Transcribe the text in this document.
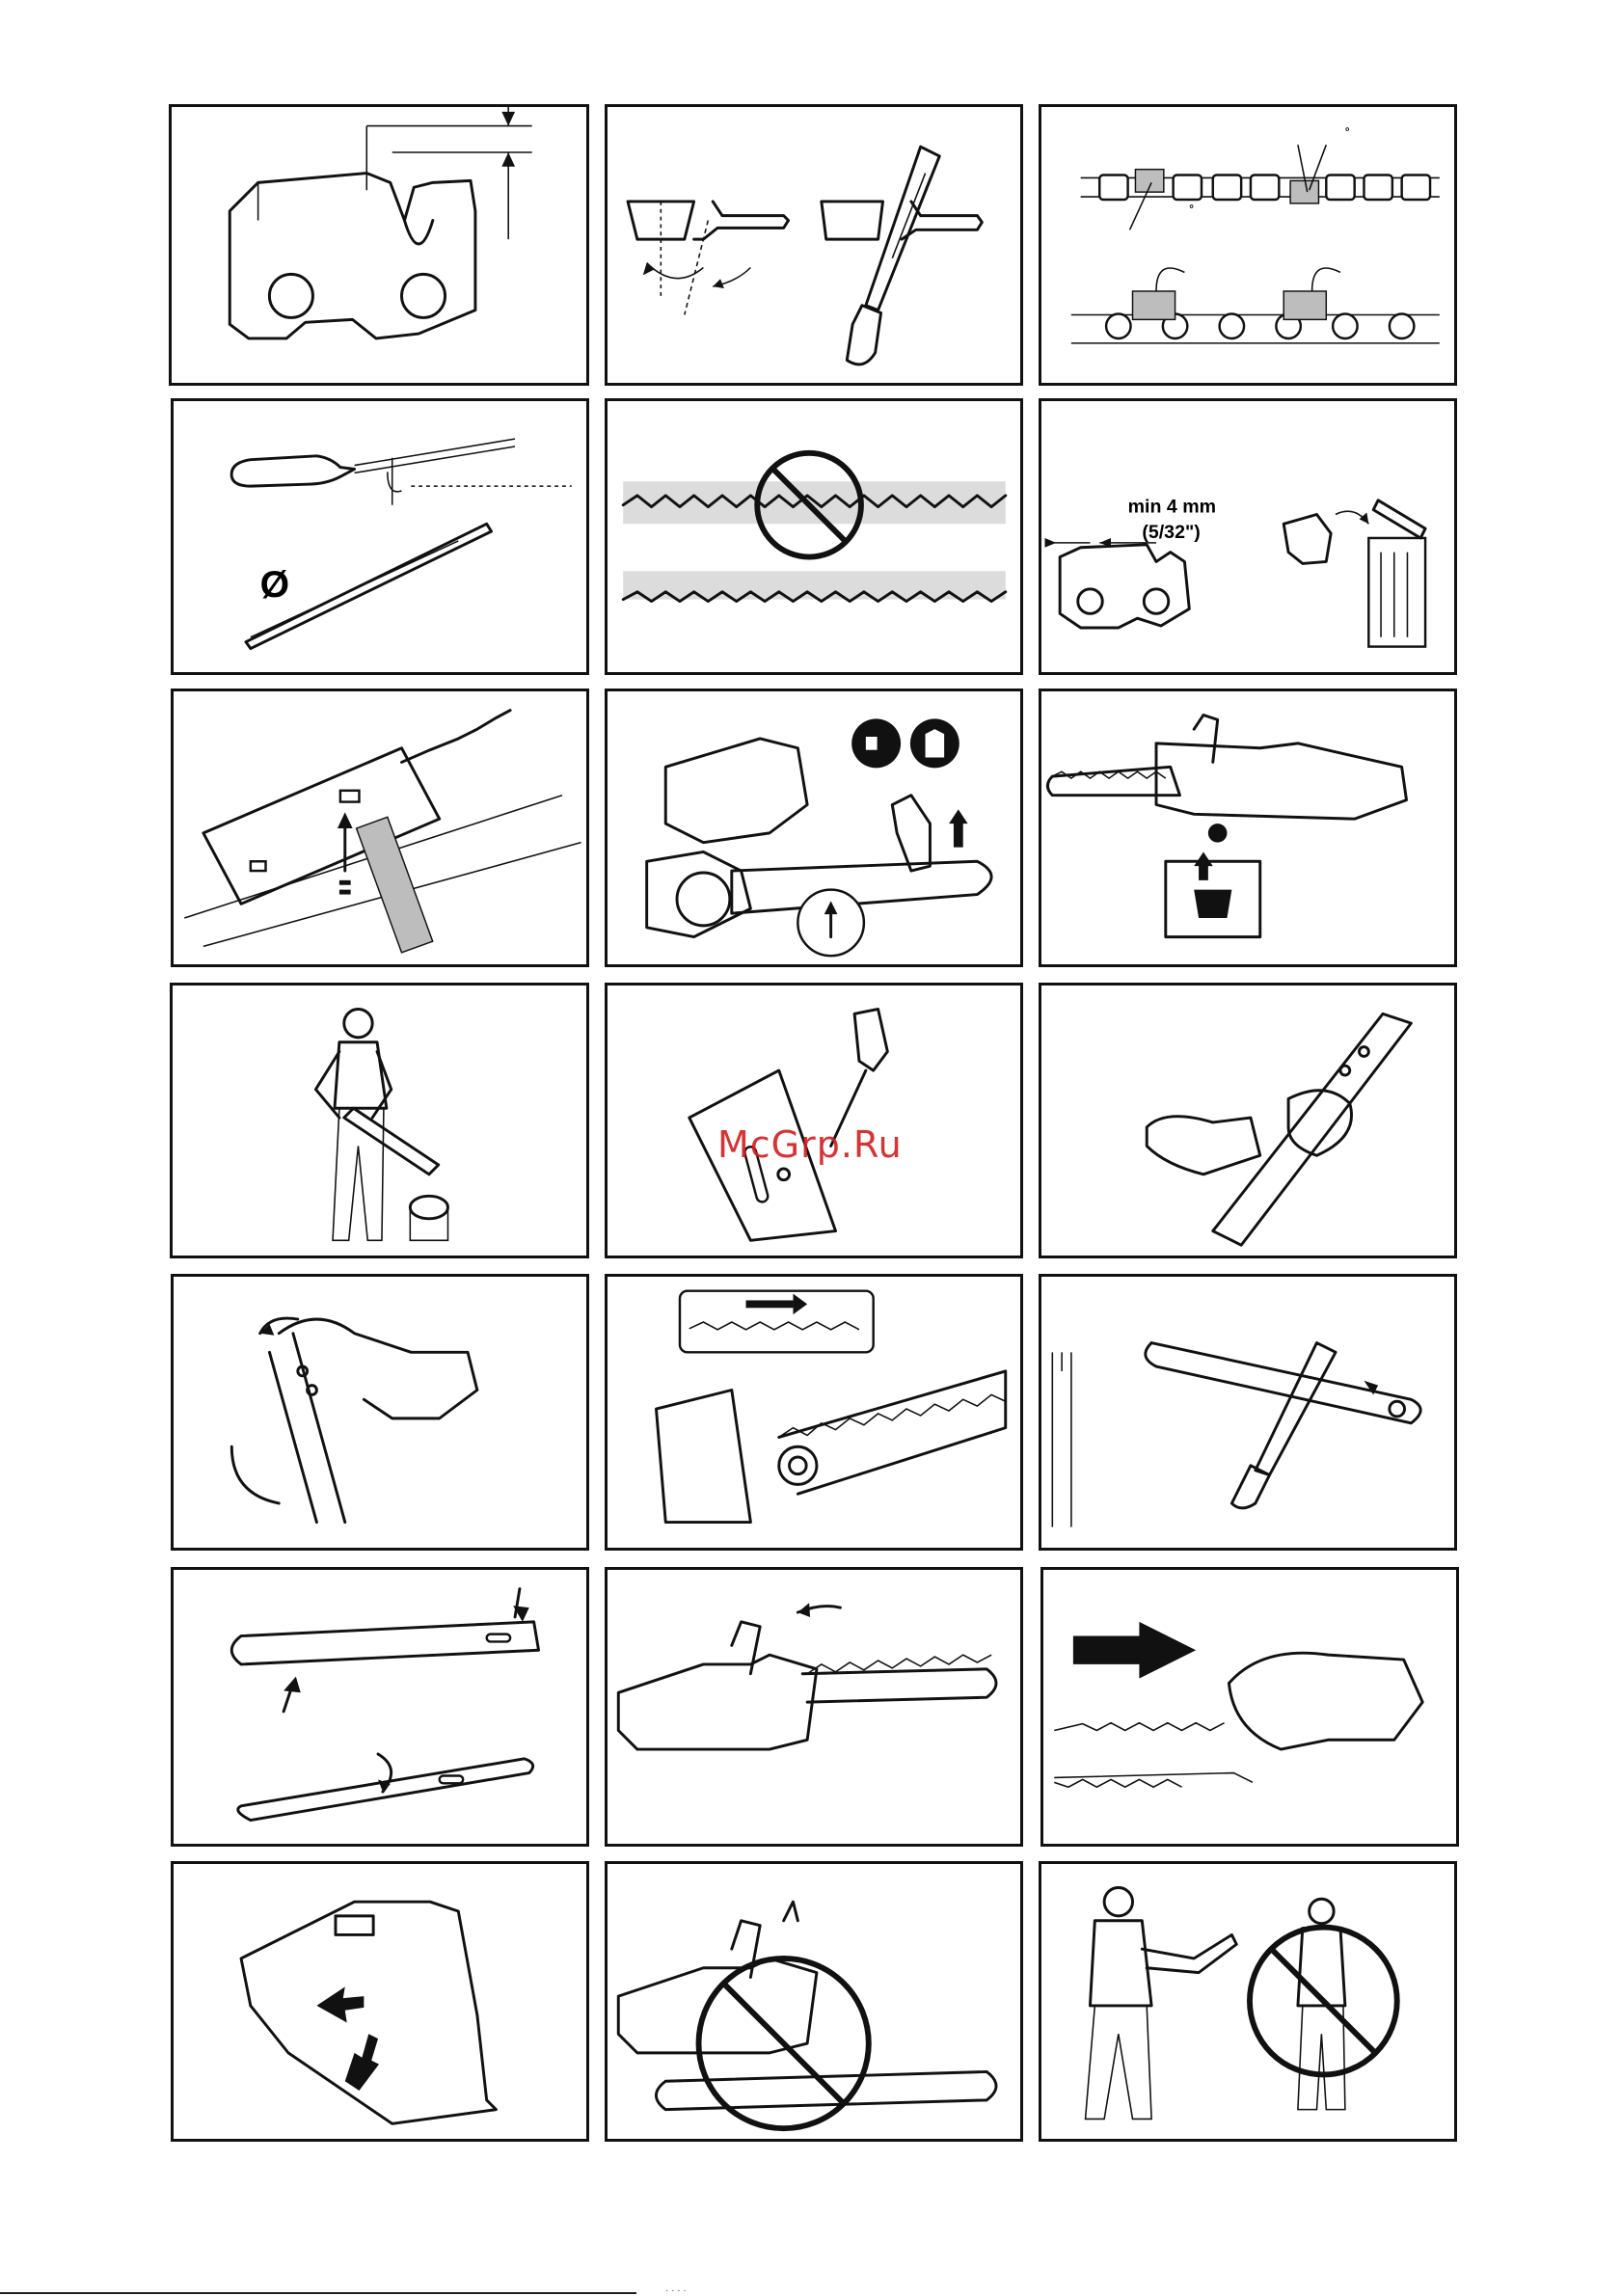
°
°
Ø
min 4 mm
(5/32")
McGrp.Ru
· · · ·
